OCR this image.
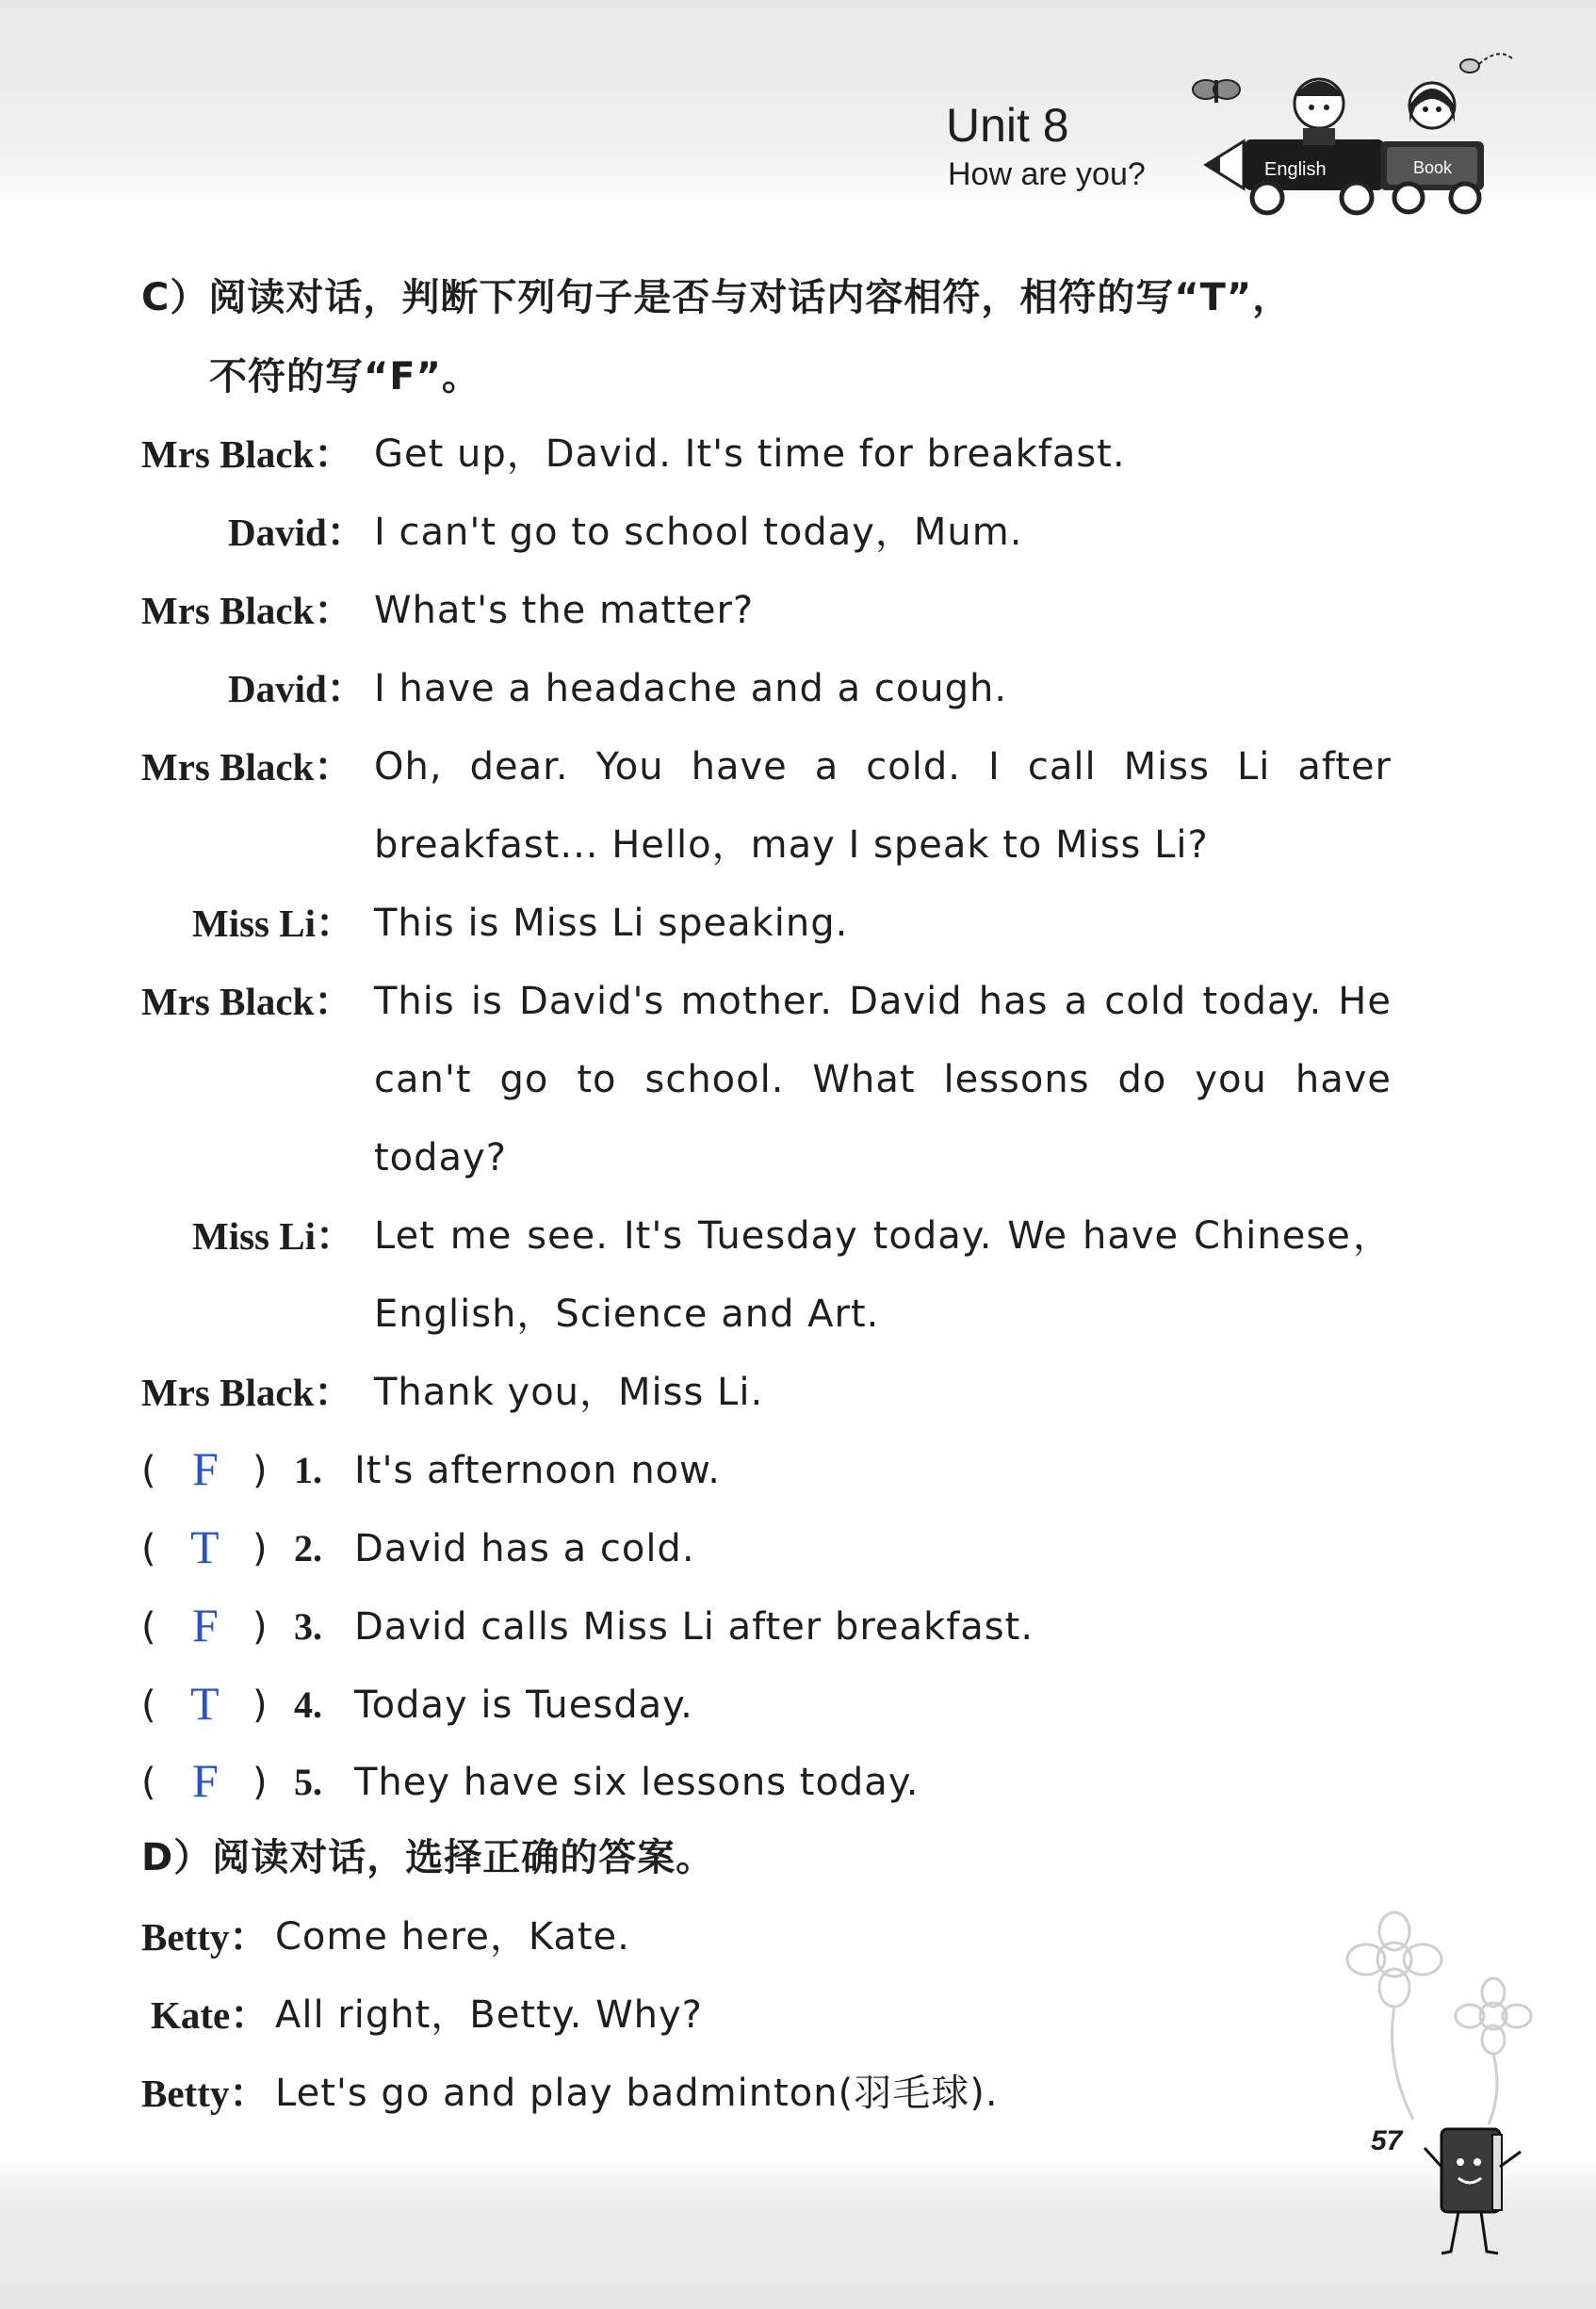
Unit 8
How are you?	English	Book
C）阅读对话，判断下列句子是否与对话内容相符，相符的写“T”，
不符的写“F”。
Mrs Black： Get up，David. It's time for breakfast.
David： I can't go to school today，Mum.
Mrs Black： What's the matter?
David： I have a headache and a cough.
Mrs Black： Oh, dear. You have a cold. I call Miss Li after
breakfast... Hello，may I speak to Miss Li?
Miss Li： This is Miss Li speaking.
Mrs Black： This is David's mother. David has a cold today. He
can't go to school. What lessons do you have
today?
Miss Li： Let me see. It's Tuesday today. We have Chinese，
English，Science and Art.
Mrs Black： Thank you，Miss Li.
( F ) 1. It's afternoon now.
( T ) 2. David has a cold.
( F ) 3. David calls Miss Li after breakfast.
( T ) 4. Today is Tuesday.
( F ) 5. They have six lessons today.
D）阅读对话，选择正确的答案。
Betty： Come here，Kate.
Kate： All right，Betty. Why?
Betty： Let's go and play badminton(羽毛球).
57
